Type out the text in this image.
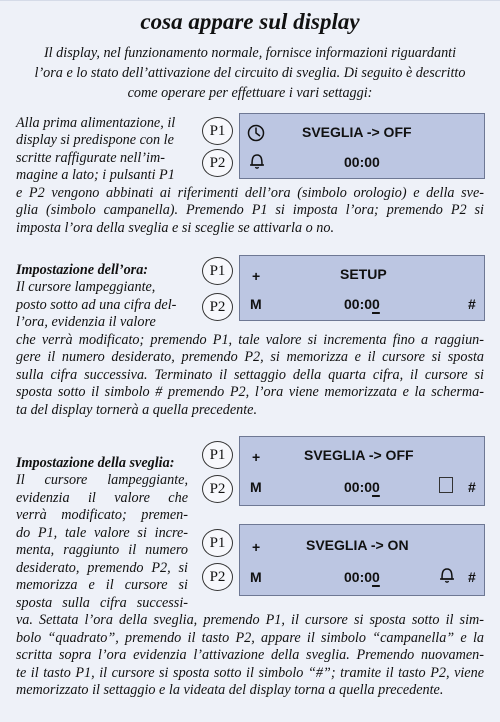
cosa appare sul display
Il display, nel funzionamento normale, fornisce informazioni riguardanti
l’ora e lo stato dell’attivazione del circuito di sveglia. Di seguito è descritto
come operare per effettuare i vari settaggi:
Alla prima alimentazione, il
display si predispone con le
scritte raffigurate nell’im-
magine a lato; i pulsanti P1
e P2 vengono abbinati ai riferimenti dell’ora (simbolo orologio) e della sve-
glia (simbolo campanella). Premendo P1 si imposta l’ora; premendo P2 si
imposta l’ora della sveglia e si sceglie se attivarla o no.
P1
P2
SVEGLIA -> OFF
00:00
Impostazione dell’ora:
Il cursore lampeggiante,
posto sotto ad una cifra del-
l’ora, evidenzia il valore
che verrà modificato; premendo P1, tale valore si incrementa fino a raggiun-
gere il numero desiderato, premendo P2, si memorizza e il cursore si sposta
sulla cifra successiva. Terminato il settaggio della quarta cifra, il cursore si
sposta sotto il simbolo # premendo P2, l’ora viene memorizzata e la scherma-
ta del display tornerà a quella precedente.
P1
P2
+	SETUP
M	00:00	#
Impostazione della sveglia:
Il cursore lampeggiante,
evidenzia il valore che
verrà modificato; premen-
do P1, tale valore si incre-
menta, raggiunto il numero
desiderato, premendo P2, si
memorizza e il cursore si
sposta sulla cifra successi-
va. Settata l’ora della sveglia, premendo P1, il cursore si sposta sotto il sim-
bolo “quadrato”, premendo il tasto P2, appare il simbolo “campanella” e la
scritta sopra l’ora evidenzia l’attivazione della sveglia. Premendo nuovamen-
te il tasto P1, il cursore si sposta sotto il simbolo “#”; tramite il tasto P2, viene
memorizzato il settaggio e la videata del display torna a quella precedente.
P1
P2
+	SVEGLIA -> OFF
M	00:00	#
P1
P2
+	SVEGLIA -> ON
M	00:00	#
